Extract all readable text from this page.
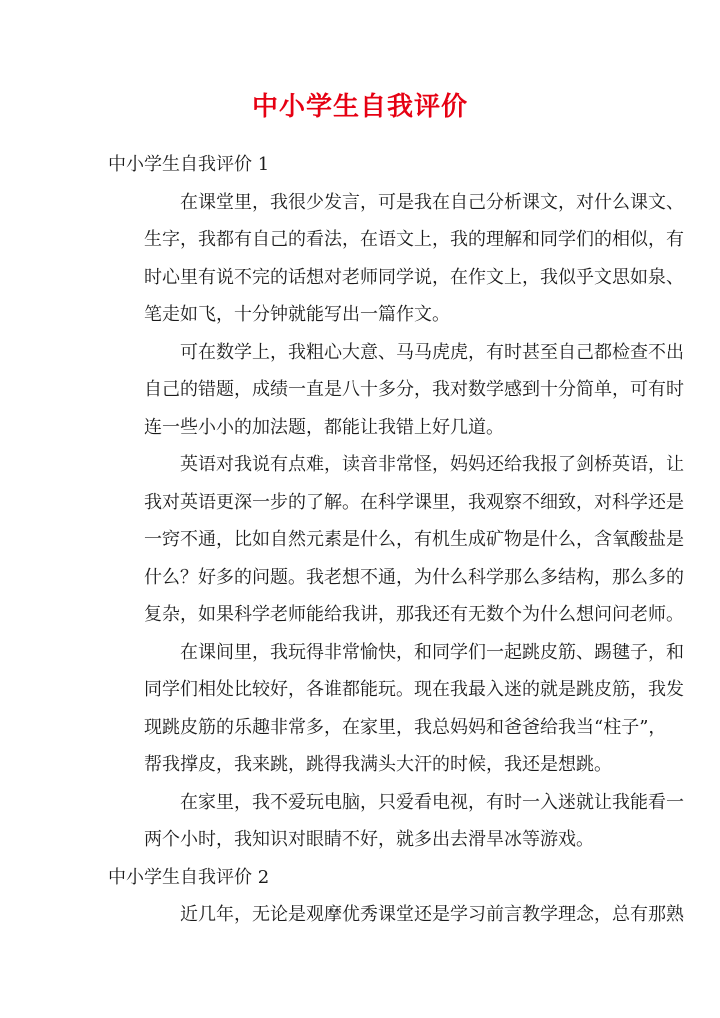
中小学生自我评价
中小学生自我评价 1

在课堂里，我很少发言，可是我在自己分析课文，对什么课文、
生字，我都有自己的看法，在语文上，我的理解和同学们的相似，有
时心里有说不完的话想对老师同学说，在作文上，我似乎文思如泉、
笔走如飞，十分钟就能写出一篇作文。

可在数学上，我粗心大意、马马虎虎，有时甚至自己都检查不出
自己的错题，成绩一直是八十多分，我对数学感到十分简单，可有时
连一些小小的加法题，都能让我错上好几道。

英语对我说有点难，读音非常怪，妈妈还给我报了剑桥英语，让
我对英语更深一步的了解。在科学课里，我观察不细致，对科学还是
一窍不通，比如自然元素是什么，有机生成矿物是什么，含氧酸盐是
什么？好多的问题。我老想不通，为什么科学那么多结构，那么多的
复杂，如果科学老师能给我讲，那我还有无数个为什么想问问老师。

在课间里，我玩得非常愉快，和同学们一起跳皮筋、踢毽子，和
同学们相处比较好，各谁都能玩。现在我最入迷的就是跳皮筋，我发
现跳皮筋的乐趣非常多，在家里，我总妈妈和爸爸给我当“柱子”，
帮我撑皮，我来跳，跳得我满头大汗的时候，我还是想跳。

在家里，我不爱玩电脑，只爱看电视，有时一入迷就让我能看一
两个小时，我知识对眼睛不好，就多出去滑旱冰等游戏。

中小学生自我评价 2

近几年，无论是观摩优秀课堂还是学习前言教学理念，总有那熟
